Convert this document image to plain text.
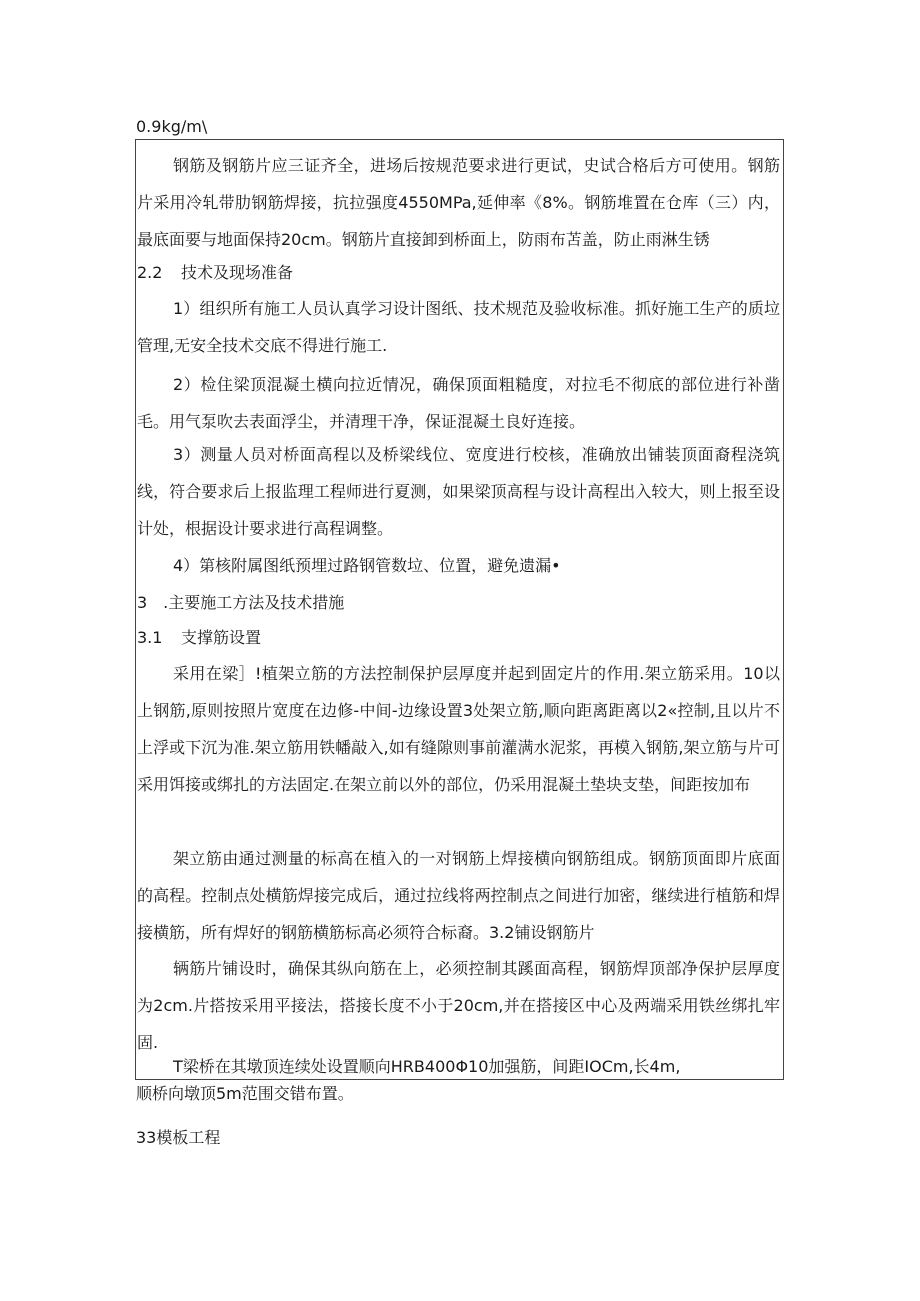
0.9kg∕m\
钢筋及钢筋片应三证齐全，进场后按规范要求进行更试，史试合格后方可使用。钢筋片采用冷轧带肋钢筋焊接，抗拉强度4550MPa,延伸率《8%。钢筋堆置在仓库（三）内，最底面要与地面保持20cm。钢筋片直接卸到桥面上，防雨布苫盖，防止雨淋生锈
2.2 技术及现场准备
1）组织所有施工人员认真学习设计图纸、技术规范及验收标准。抓好施工生产的质垃管理,无安全技术交底不得进行施工.
2）检住梁顶混凝土横向拉近情况，确保顶面粗糙度，对拉毛不彻底的部位进行补凿毛。用气泵吹去表面浮尘，并清理干净，保证混凝土良好连接。
3）测量人员对桥面高程以及桥梁线位、宽度进行校核，准确放出铺装顶面裔程浇筑线，符合要求后上报监理工程师进行夏测，如果梁顶高程与设计高程出入较大，则上报至设计处，根据设计要求进行高程调整。
4）第核附属图纸预埋过路钢管数垃、位置，避免遗漏•
3　.主要施工方法及技术措施
3.1 支撑筋设置
采用在梁］!植架立筋的方法控制保护层厚度并起到固定片的作用.架立筋采用。10以上钢筋,原则按照片宽度在边修-中间-边缘设置3处架立筋,顺向距离距离以2«控制,且以片不上浮或下沉为准.架立筋用铁幡敲入,如有缝隙则事前灌满水泥浆，再模入钢筋,架立筋与片可采用饵接或绑扎的方法固定.在架立前以外的部位，仍采用混凝土垫块支垫，间距按加布
架立筋由通过测量的标高在植入的一对钢筋上焊接横向钢筋组成。钢筋顶面即片底面的高程。控制点处横筋焊接完成后，通过拉线将两控制点之间进行加密，继续进行植筋和焊接横筋，所有焊好的钢筋横筋标高必须符合标裔。3.2铺设钢筋片
辆筋片铺设时，确保其纵向筋在上，必须控制其蹊面高程，钢筋焊顶部净保护层厚度为2cm.片搭按采用平接法，搭接长度不小于20cm,并在搭接区中心及两端采用铁丝绑扎牢固.
T梁桥在其墩顶连续处设置顺向HRB400Φ10加强筋，间距IOCm,长4m,
顺桥向墩顶5m范围交错布置。
33模板工程
